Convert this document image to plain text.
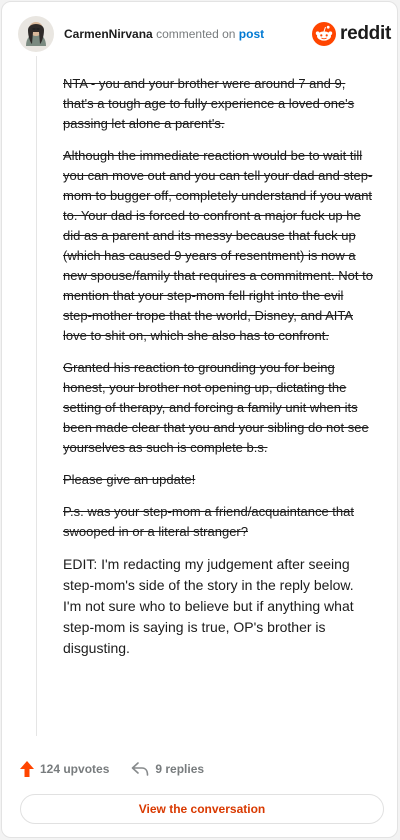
CarmenNirvana commented on post	reddit

NTA - you and your brother were around 7 and 9, that's a tough age to fully experience a loved one's passing let alone a parent's.

Although the immediate reaction would be to wait till you can move out and you can tell your dad and step-mom to bugger off, completely understand if you want to. Your dad is forced to confront a major fuck up he did as a parent and its messy because that fuck up (which has caused 9 years of resentment) is now a new spouse/family that requires a commitment. Not to mention that your step-mom fell right into the evil step-mother trope that the world, Disney, and AITA love to shit on, which she also has to confront.

Granted his reaction to grounding you for being honest, your brother not opening up, dictating the setting of therapy, and forcing a family unit when its been made clear that you and your sibling do not see yourselves as such is complete b.s.

Please give an update!

P.s. was your step-mom a friend/acquaintance that swooped in or a literal stranger?

EDIT: I'm redacting my judgement after seeing step-mom's side of the story in the reply below. I'm not sure who to believe but if anything what step-mom is saying is true, OP's brother is disgusting.

124 upvotes	9 replies
View the conversation
